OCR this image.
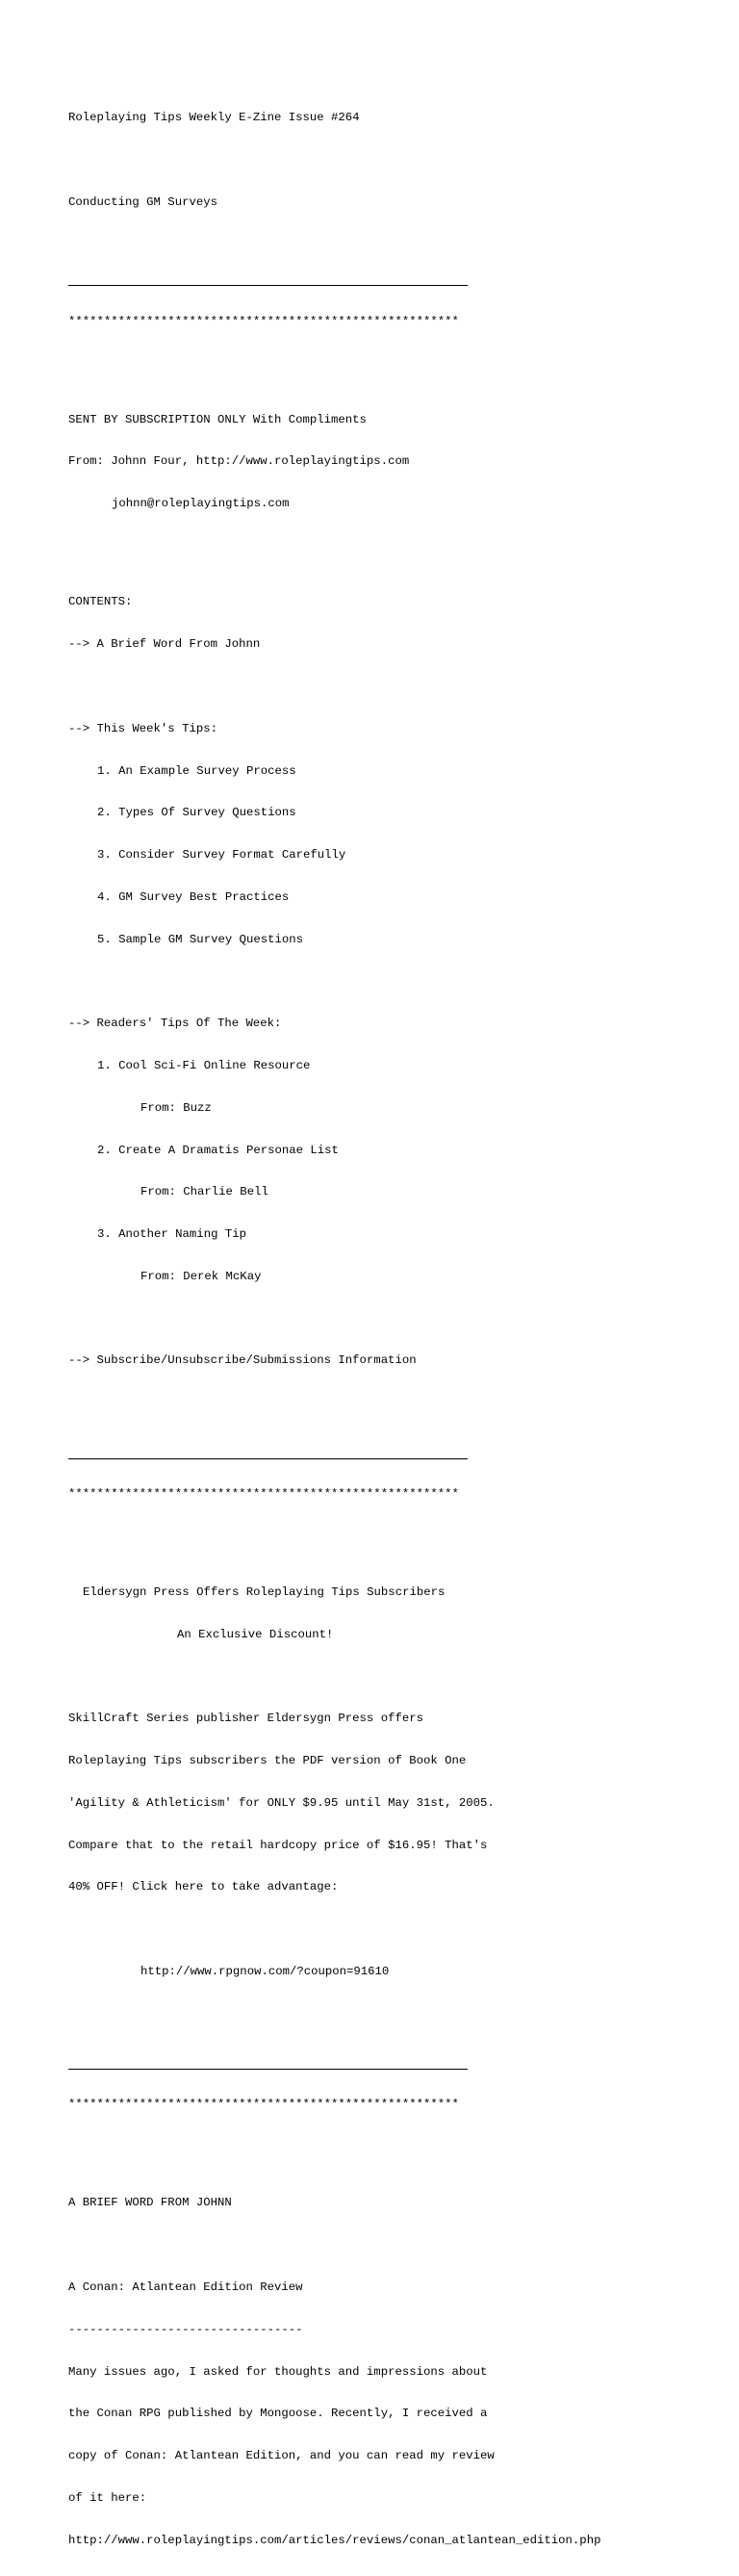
Roleplaying Tips Weekly E-Zine Issue #264

Conducting GM Surveys

*******************************************************

SENT BY SUBSCRIPTION ONLY With Compliments

From: Johnn Four, http://www.roleplayingtips.com

johnn@roleplayingtips.com

CONTENTS:

--> A Brief Word From Johnn

--> This Week's Tips:

1. An Example Survey Process

2. Types Of Survey Questions

3. Consider Survey Format Carefully

4. GM Survey Best Practices

5. Sample GM Survey Questions

--> Readers' Tips Of The Week:

1. Cool Sci-Fi Online Resource

From: Buzz

2. Create A Dramatis Personae List

From: Charlie Bell

3. Another Naming Tip

From: Derek McKay

--> Subscribe/Unsubscribe/Submissions Information

*******************************************************

Eldersygn Press Offers Roleplaying Tips Subscribers

An Exclusive Discount!

SkillCraft Series publisher Eldersygn Press offers

Roleplaying Tips subscribers the PDF version of Book One

'Agility & Athleticism' for ONLY $9.95 until May 31st, 2005.

Compare that to the retail hardcopy price of $16.95! That's

40% OFF! Click here to take advantage:

http://www.rpgnow.com/?coupon=91610

*******************************************************

A BRIEF WORD FROM JOHNN

A Conan: Atlantean Edition Review

---------------------------------

Many issues ago, I asked for thoughts and impressions about

the Conan RPG published by Mongoose. Recently, I received a

copy of Conan: Atlantean Edition, and you can read my review

of it here:

http://www.roleplayingtips.com/articles/reviews/conan_atlantean_edition.php
